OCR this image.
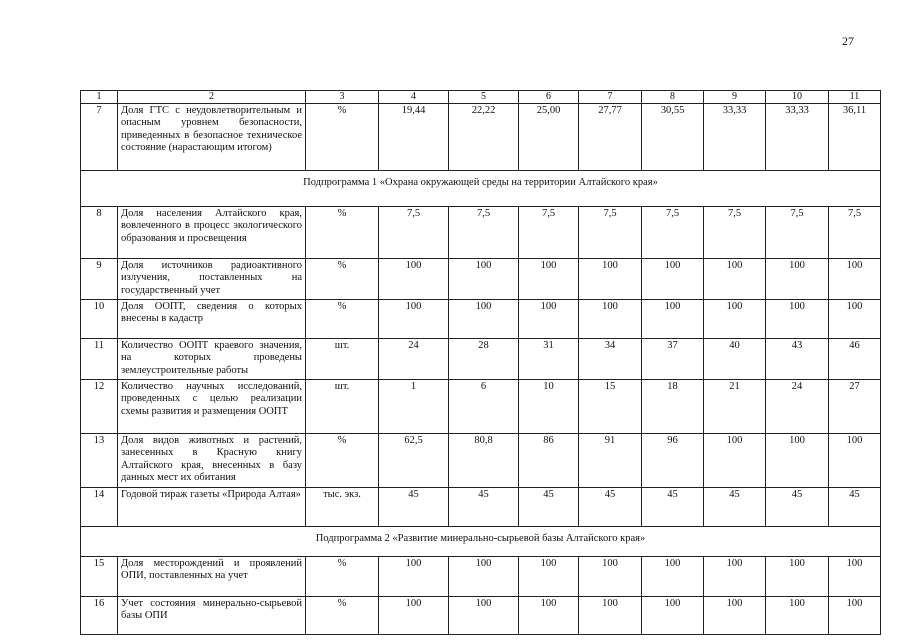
27
1	2	3	4	5	6	7	8	9	10	11
7	Доля ГТС с неудовлетворительным и опасным уровнем безопасности, приведенных в безопасное техническое состояние (нарастающим итогом)	%	19,44	22,22	25,00	27,77	30,55	33,33	33,33	36,11
Подпрограмма 1 «Охрана окружающей среды на территории Алтайского края»										
8	Доля населения Алтайского края, вовлеченного в процесс экологического образования и просвещения	%	7,5	7,5	7,5	7,5	7,5	7,5	7,5	7,5
9	Доля источников радиоактивного излучения, поставленных на государственный учет	%	100	100	100	100	100	100	100	100
10	Доля ООПТ, сведения о которых внесены в кадастр	%	100	100	100	100	100	100	100	100
11	Количество ООПТ краевого значения, на которых проведены землеустроительные работы	шт.	24	28	31	34	37	40	43	46
12	Количество научных исследований, проведенных с целью реализации схемы развития и размещения ООПТ	шт.	1	6	10	15	18	21	24	27
13	Доля видов животных и растений, занесенных в Красную книгу Алтайского края, внесенных в базу данных мест их обитания	%	62,5	80,8	86	91	96	100	100	100
14	Годовой тираж газеты «Природа Алтая»	тыс. экз.	45	45	45	45	45	45	45	45
Подпрограмма 2 «Развитие минерально-сырьевой базы Алтайского края»										
15	Доля месторождений и проявлений ОПИ, поставленных на учет	%	100	100	100	100	100	100	100	100
16	Учет состояния минерально-сырьевой базы ОПИ	%	100	100	100	100	100	100	100	100
